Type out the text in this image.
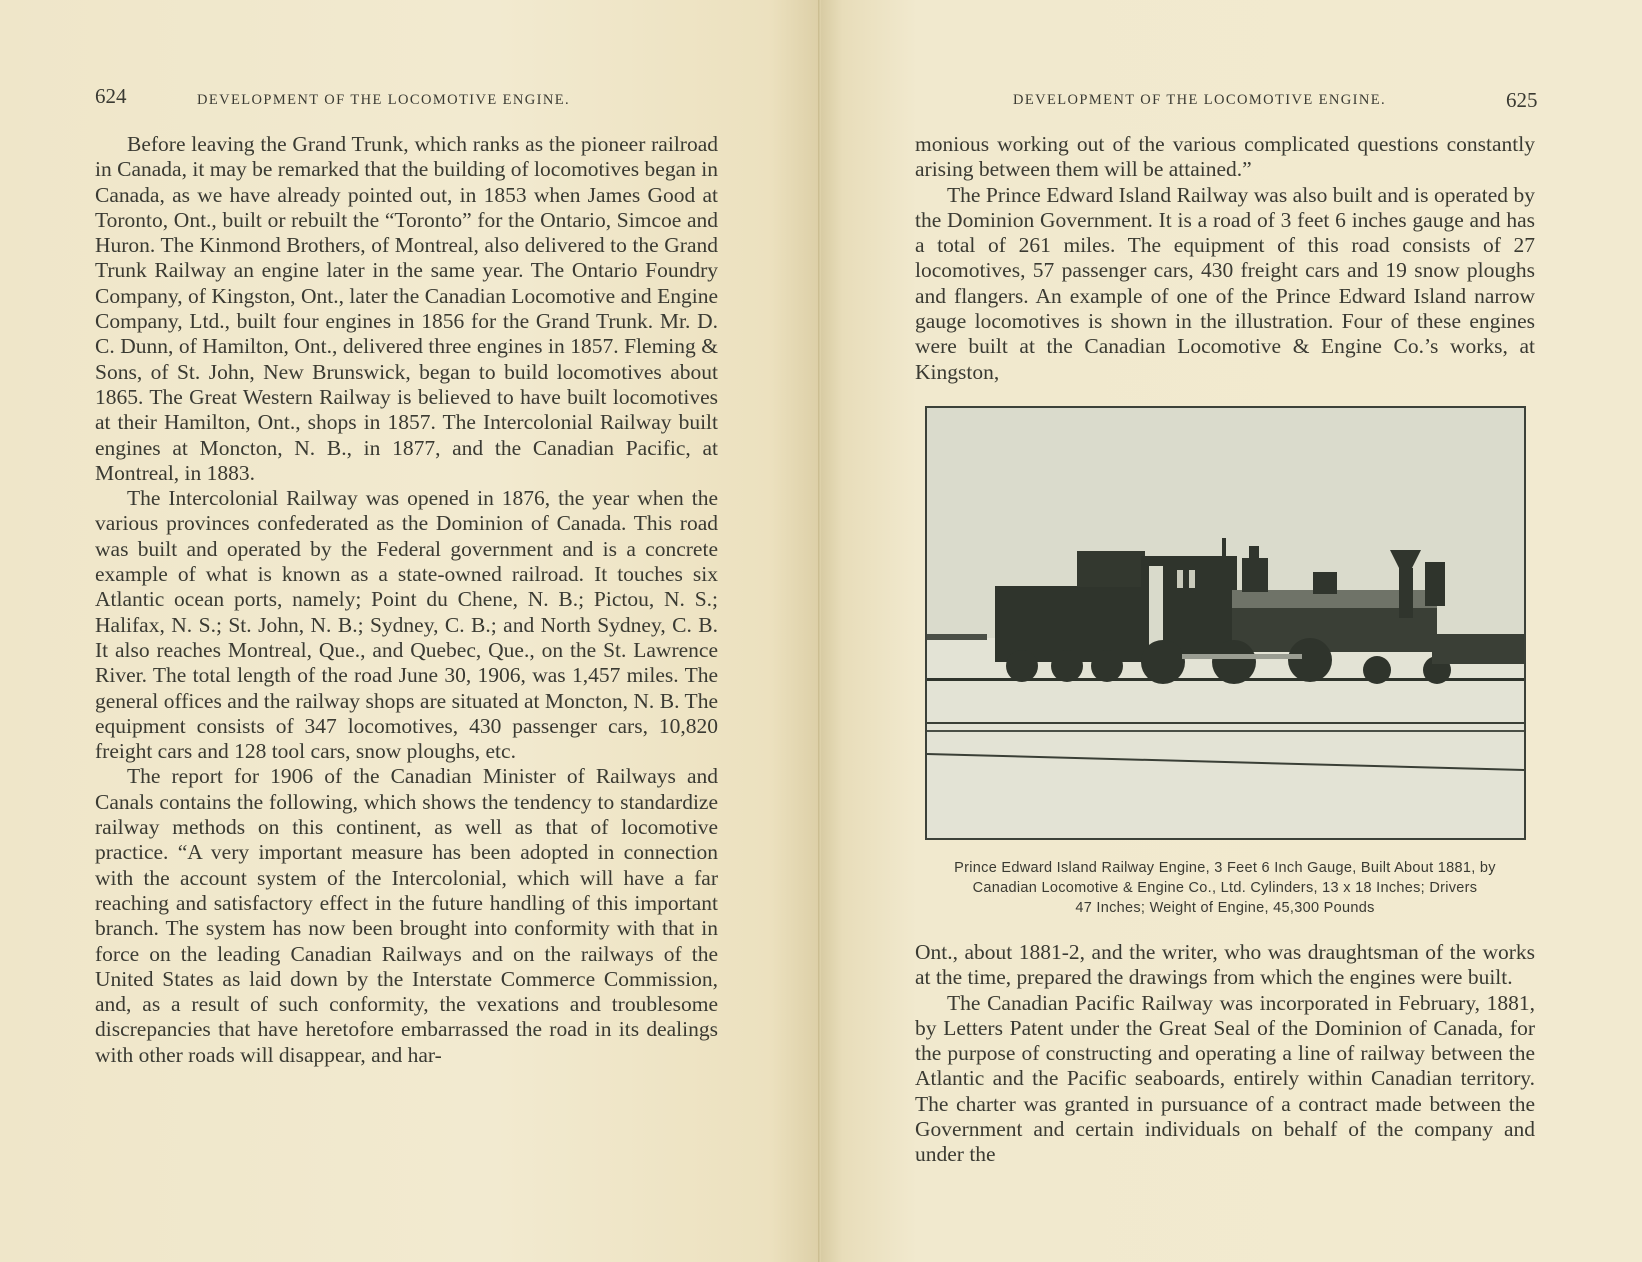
624	DEVELOPMENT OF THE LOCOMOTIVE ENGINE.

Before leaving the Grand Trunk, which ranks as the pioneer railroad in Canada, it may be remarked that the building of locomotives began in Canada, as we have already pointed out, in 1853 when James Good at Toronto, Ont., built or rebuilt the “Toronto” for the Ontario, Simcoe and Huron. The Kinmond Brothers, of Montreal, also delivered to the Grand Trunk Railway an engine later in the same year. The Ontario Foundry Company, of Kingston, Ont., later the Canadian Locomotive and Engine Company, Ltd., built four engines in 1856 for the Grand Trunk. Mr. D. C. Dunn, of Hamilton, Ont., delivered three engines in 1857. Fleming & Sons, of St. John, New Brunswick, began to build locomotives about 1865. The Great Western Railway is believed to have built locomotives at their Hamilton, Ont., shops in 1857. The Intercolonial Railway built engines at Moncton, N. B., in 1877, and the Canadian Pacific, at Montreal, in 1883.

The Intercolonial Railway was opened in 1876, the year when the various provinces confederated as the Dominion of Canada. This road was built and operated by the Federal government and is a concrete example of what is known as a state-owned railroad. It touches six Atlantic ocean ports, namely; Point du Chene, N. B.; Pictou, N. S.; Halifax, N. S.; St. John, N. B.; Sydney, C. B.; and North Sydney, C. B. It also reaches Montreal, Que., and Quebec, Que., on the St. Lawrence River. The total length of the road June 30, 1906, was 1,457 miles. The general offices and the railway shops are situated at Moncton, N. B. The equipment consists of 347 locomotives, 430 passenger cars, 10,820 freight cars and 128 tool cars, snow ploughs, etc.

The report for 1906 of the Canadian Minister of Railways and Canals contains the following, which shows the tendency to standardize railway methods on this continent, as well as that of locomotive practice. “A very important measure has been adopted in connection with the account system of the Intercolonial, which will have a far reaching and satisfactory effect in the future handling of this important branch. The system has now been brought into conformity with that in force on the leading Canadian Railways and on the railways of the United States as laid down by the Interstate Commerce Commission, and, as a result of such conformity, the vexations and troublesome discrepancies that have heretofore embarrassed the road in its dealings with other roads will disappear, and har-

DEVELOPMENT OF THE LOCOMOTIVE ENGINE.	625

monious working out of the various complicated questions constantly arising between them will be attained.”

The Prince Edward Island Railway was also built and is operated by the Dominion Government. It is a road of 3 feet 6 inches gauge and has a total of 261 miles. The equipment of this road consists of 27 locomotives, 57 passenger cars, 430 freight cars and 19 snow ploughs and flangers. An example of one of the Prince Edward Island narrow gauge locomotives is shown in the illustration. Four of these engines were built at the Canadian Locomotive & Engine Co.’s works, at Kingston,

Prince Edward Island Railway Engine, 3 Feet 6 Inch Gauge, Built About 1881, by
Canadian Locomotive & Engine Co., Ltd. Cylinders, 13 x 18 Inches; Drivers
47 Inches; Weight of Engine, 45,300 Pounds

Ont., about 1881-2, and the writer, who was draughtsman of the works at the time, prepared the drawings from which the engines were built.

The Canadian Pacific Railway was incorporated in February, 1881, by Letters Patent under the Great Seal of the Dominion of Canada, for the purpose of constructing and operating a line of railway between the Atlantic and the Pacific seaboards, entirely within Canadian territory. The charter was granted in pursuance of a contract made between the Government and certain individuals on behalf of the company and under the
